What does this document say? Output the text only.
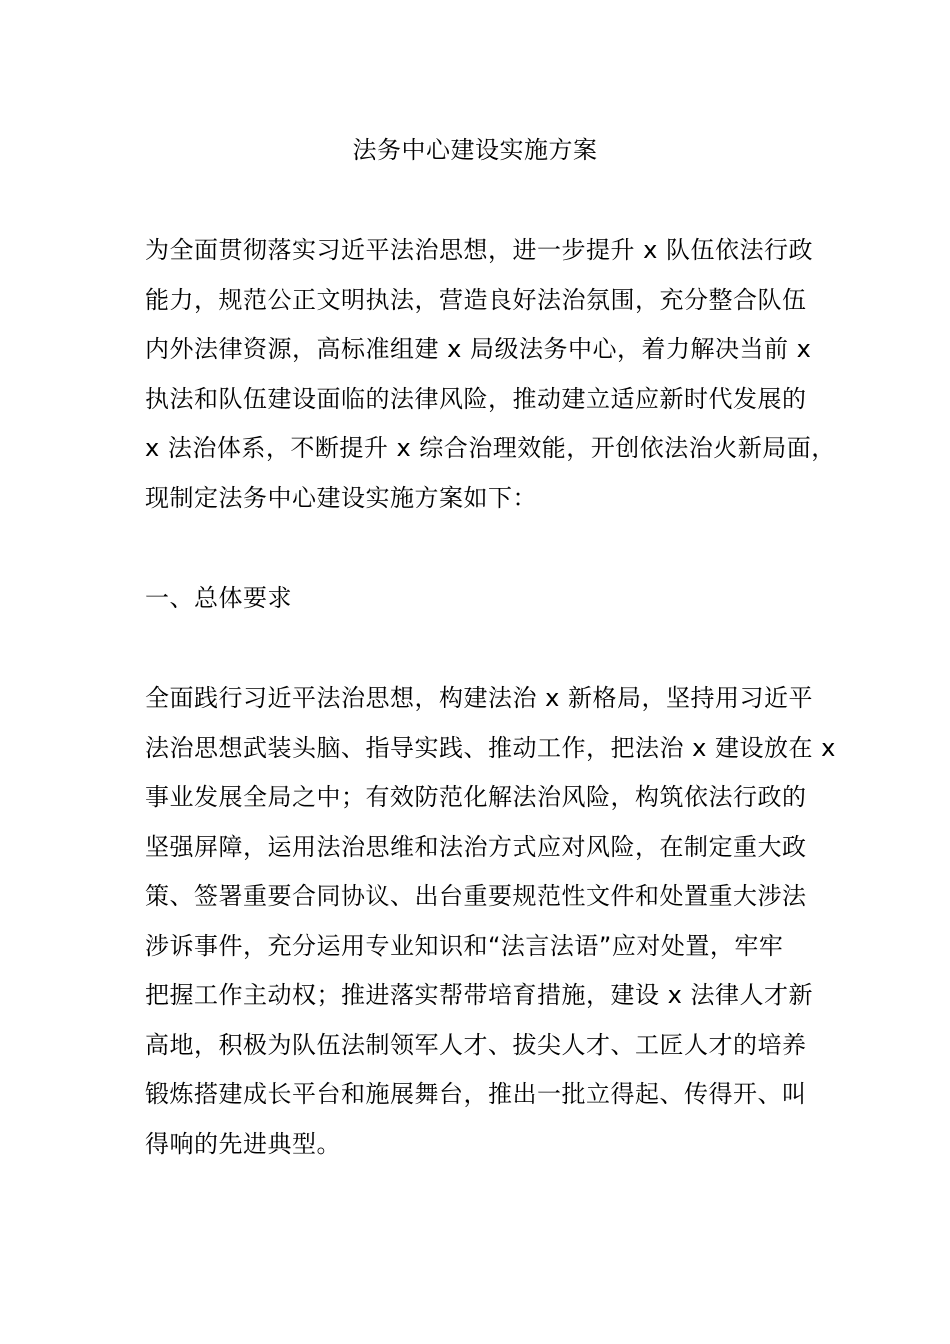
法务中心建设实施方案
为全面贯彻落实习近平法治思想，进一步提升 x 队伍依法行政
能力，规范公正文明执法，营造良好法治氛围，充分整合队伍
内外法律资源，高标准组建 x 局级法务中心，着力解决当前 x
执法和队伍建设面临的法律风险，推动建立适应新时代发展的
x 法治体系，不断提升 x 综合治理效能，开创依法治火新局面，
现制定法务中心建设实施方案如下：
一、总体要求
全面践行习近平法治思想，构建法治 x 新格局，坚持用习近平
法治思想武装头脑、指导实践、推动工作，把法治 x 建设放在 x
事业发展全局之中；有效防范化解法治风险，构筑依法行政的
坚强屏障，运用法治思维和法治方式应对风险，在制定重大政
策、签署重要合同协议、出台重要规范性文件和处置重大涉法
涉诉事件，充分运用专业知识和“法言法语”应对处置，牢牢
把握工作主动权；推进落实帮带培育措施，建设 x 法律人才新
高地，积极为队伍法制领军人才、拔尖人才、工匠人才的培养
锻炼搭建成长平台和施展舞台，推出一批立得起、传得开、叫
得响的先进典型。
